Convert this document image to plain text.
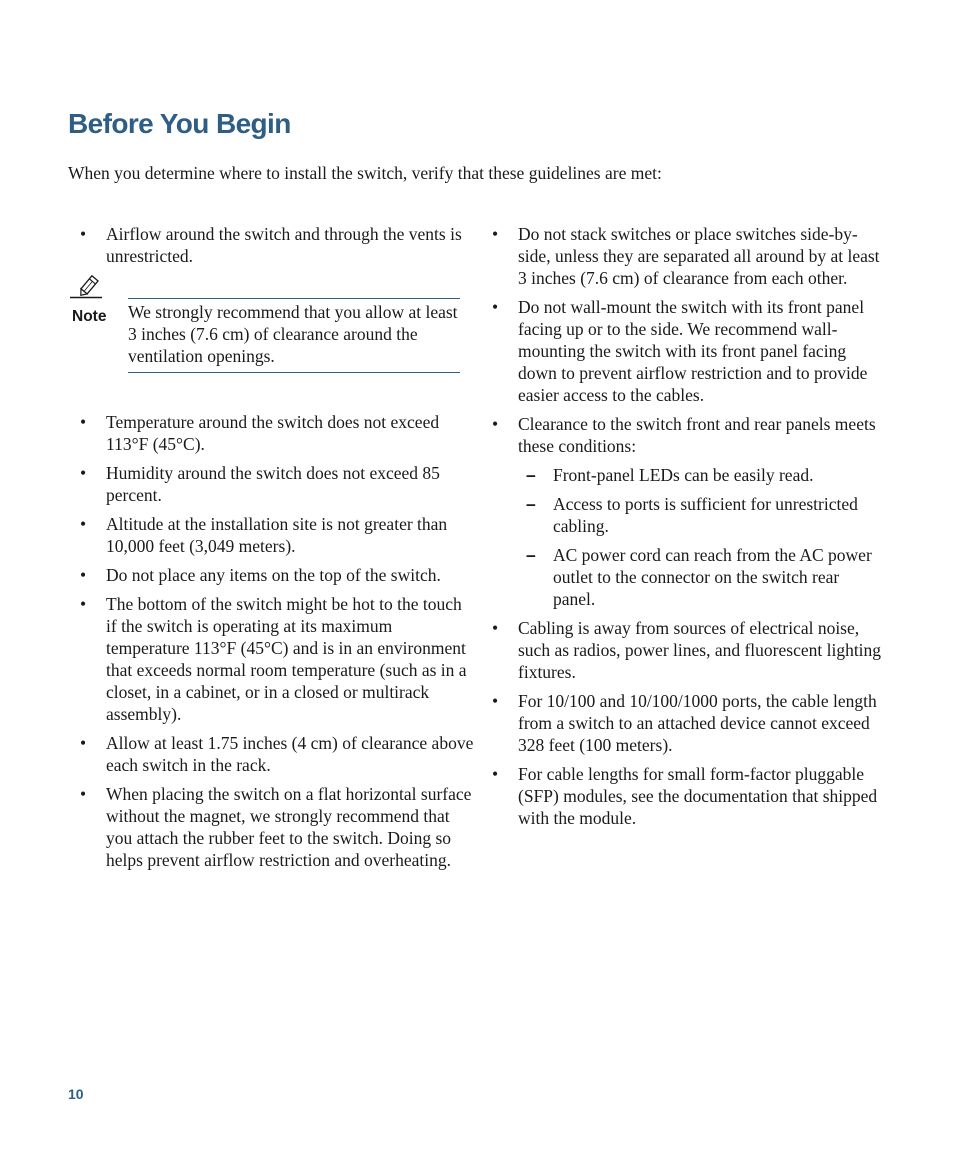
Before You Begin

When you determine where to install the switch, verify that these guidelines are met:

• Airflow around the switch and through the vents is unrestricted.
Note We strongly recommend that you allow at least 3 inches (7.6 cm) of clearance around the ventilation openings.
• Temperature around the switch does not exceed 113°F (45°C).
• Humidity around the switch does not exceed 85 percent.
• Altitude at the installation site is not greater than 10,000 feet (3,049 meters).
• Do not place any items on the top of the switch.
• The bottom of the switch might be hot to the touch if the switch is operating at its maximum temperature 113°F (45°C) and is in an environment that exceeds normal room temperature (such as in a closet, in a cabinet, or in a closed or multirack assembly).
• Allow at least 1.75 inches (4 cm) of clearance above each switch in the rack.
• When placing the switch on a flat horizontal surface without the magnet, we strongly recommend that you attach the rubber feet to the switch. Doing so helps prevent airflow restriction and overheating.
• Do not stack switches or place switches side-by-side, unless they are separated all around by at least 3 inches (7.6 cm) of clearance from each other.
• Do not wall-mount the switch with its front panel facing up or to the side. We recommend wall-mounting the switch with its front panel facing down to prevent airflow restriction and to provide easier access to the cables.
• Clearance to the switch front and rear panels meets these conditions:
– Front-panel LEDs can be easily read.
– Access to ports is sufficient for unrestricted cabling.
– AC power cord can reach from the AC power outlet to the connector on the switch rear panel.
• Cabling is away from sources of electrical noise, such as radios, power lines, and fluorescent lighting fixtures.
• For 10/100 and 10/100/1000 ports, the cable length from a switch to an attached device cannot exceed 328 feet (100 meters).
• For cable lengths for small form-factor pluggable (SFP) modules, see the documentation that shipped with the module.
10
